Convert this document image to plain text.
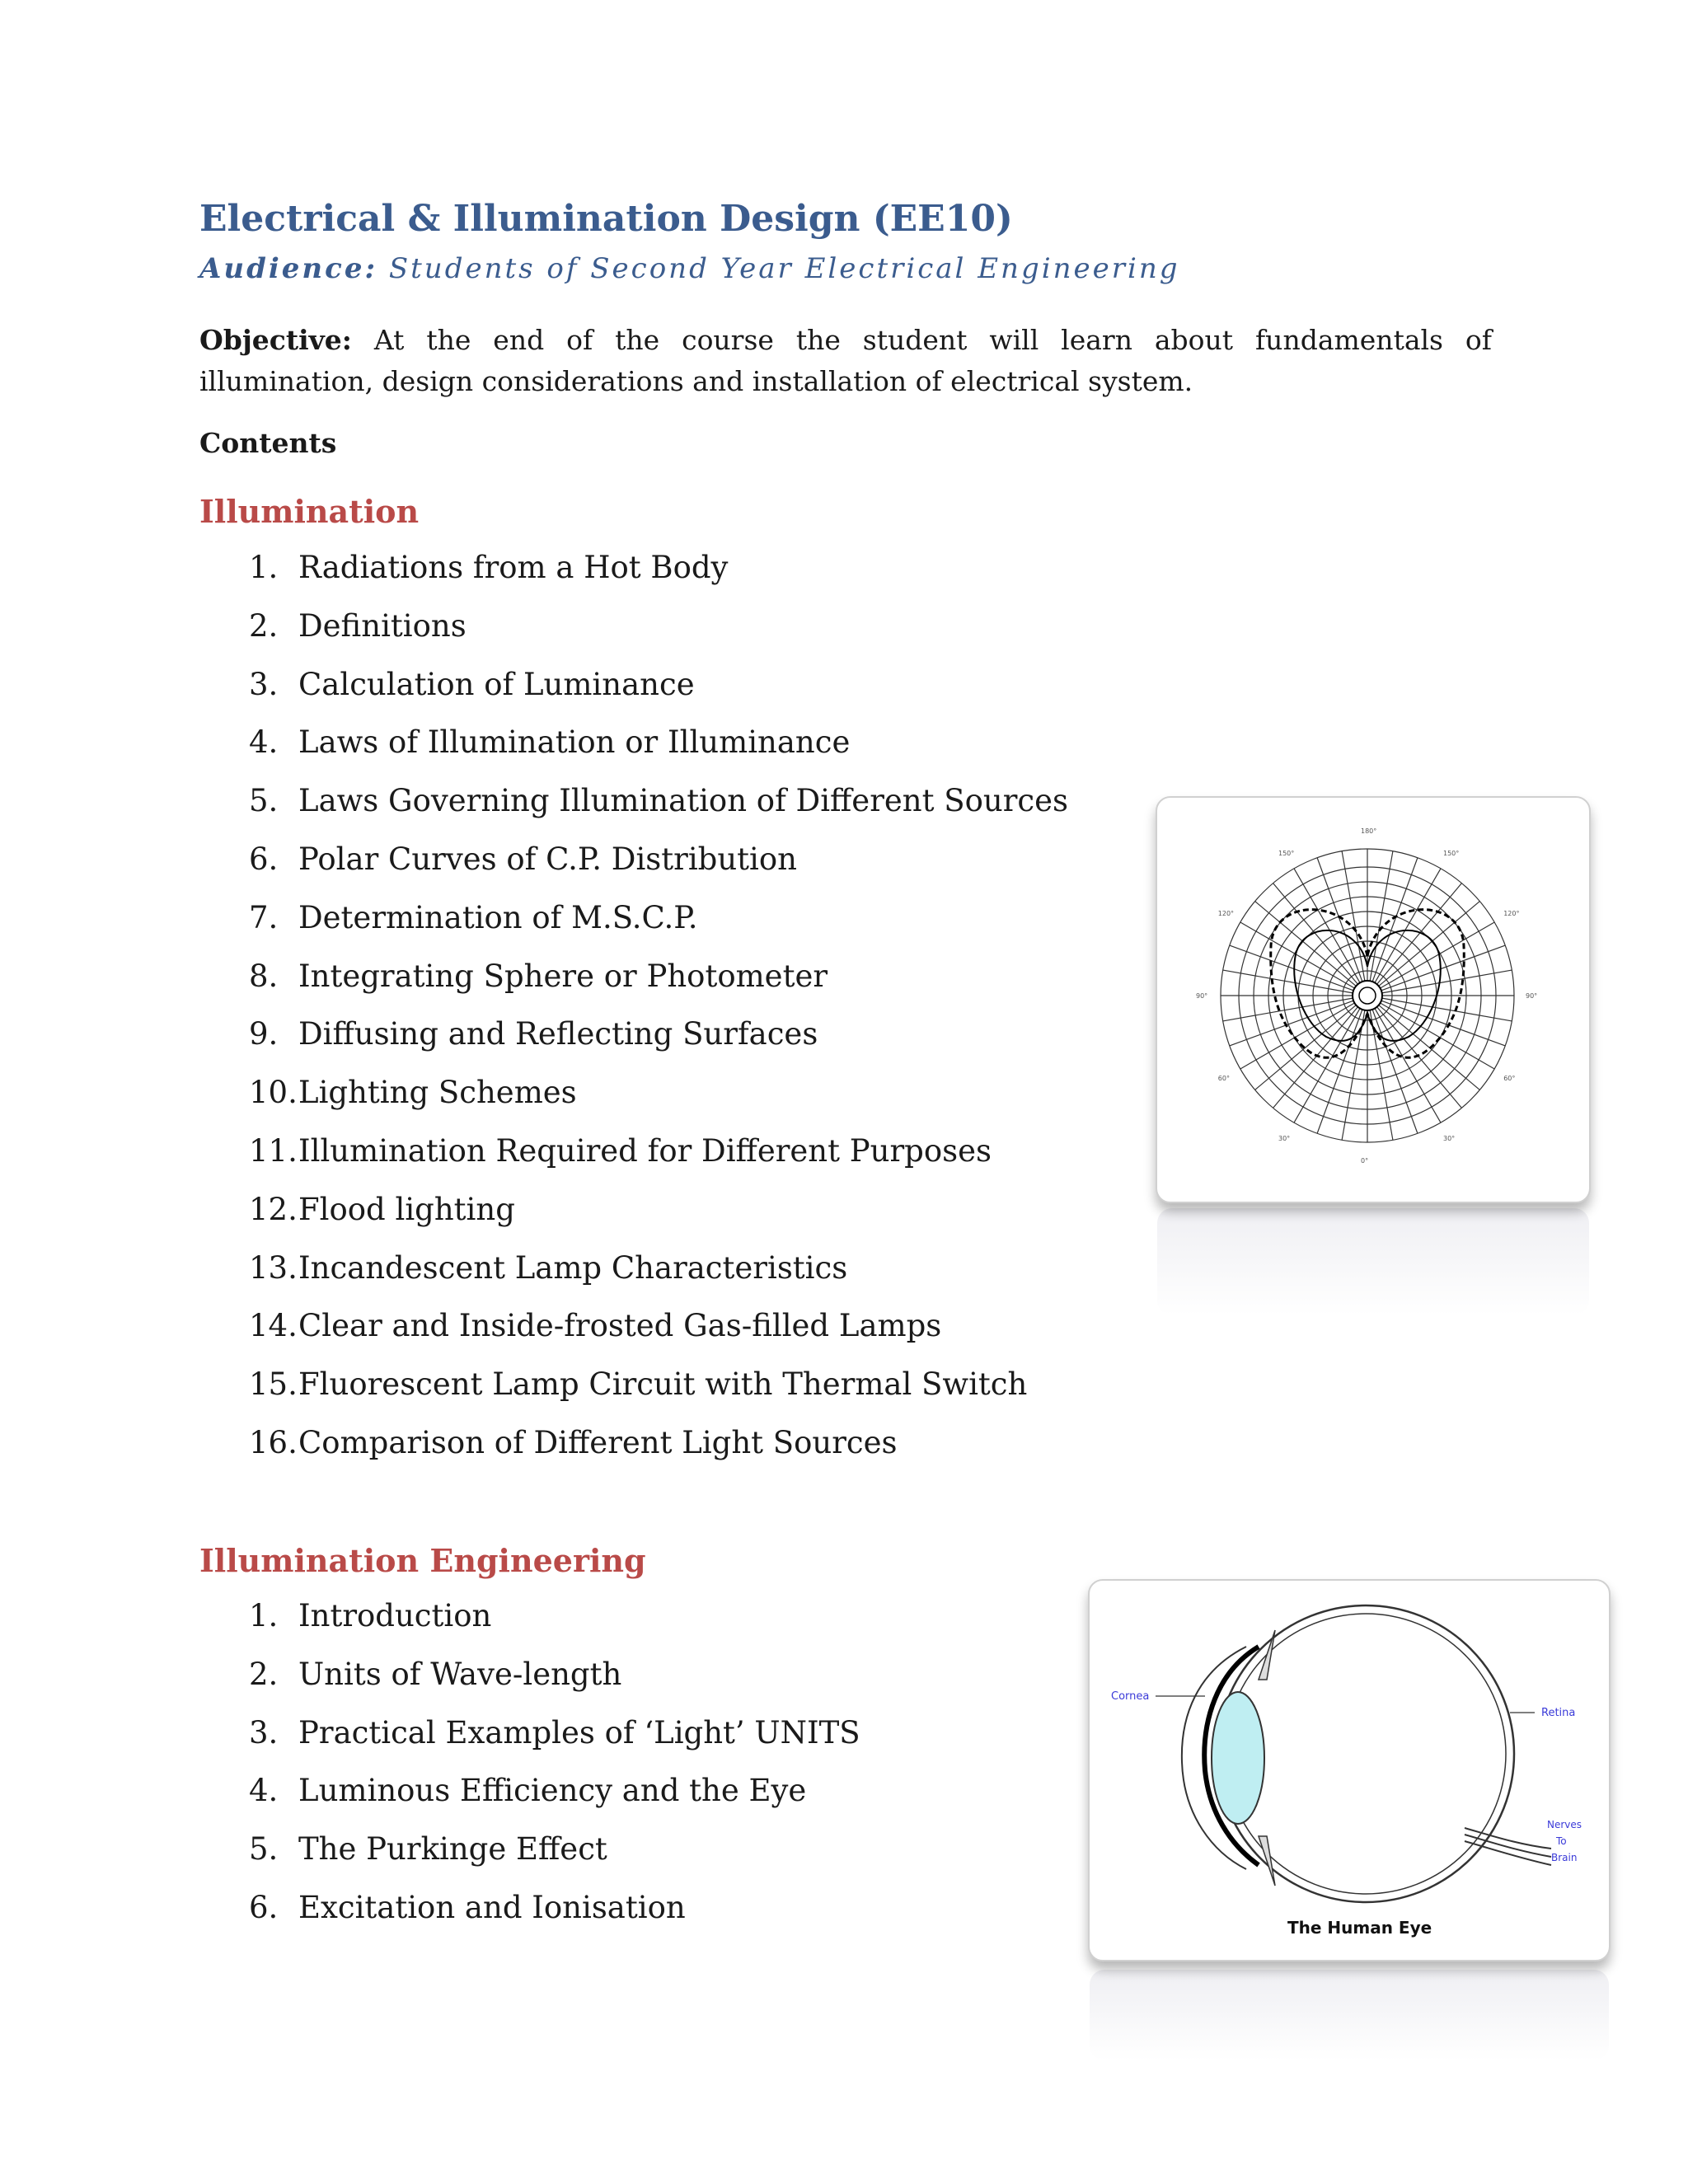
Electrical & Illumination Design (EE10)
Audience: Students of Second Year Electrical Engineering
Objective: At the end of the course the student will learn about fundamentals of illumination, design considerations and installation of electrical system.
Contents
Illumination
1. Radiations from a Hot Body
2. Definitions
3. Calculation of Luminance
4. Laws of Illumination or Illuminance
5. Laws Governing Illumination of Different Sources
6. Polar Curves of C.P. Distribution
7. Determination of M.S.C.P.
8. Integrating Sphere or Photometer
9. Diffusing and Reflecting Surfaces
10. Lighting Schemes
11. Illumination Required for Different Purposes
12. Flood lighting
13. Incandescent Lamp Characteristics
14. Clear and Inside-frosted Gas-filled Lamps
15. Fluorescent Lamp Circuit with Thermal Switch
16. Comparison of Different Light Sources
Illumination Engineering
1. Introduction
2. Units of Wave-length
3. Practical Examples of ‘Light’ UNITS
4. Luminous Efficiency and the Eye
5. The Purkinge Effect
6. Excitation and Ionisation
180°
150°	150°
120°	120°
90°	90°
60°	60°
30°	30°
0°
Cornea
Retina
Nerves
To
Brain
The Human Eye
